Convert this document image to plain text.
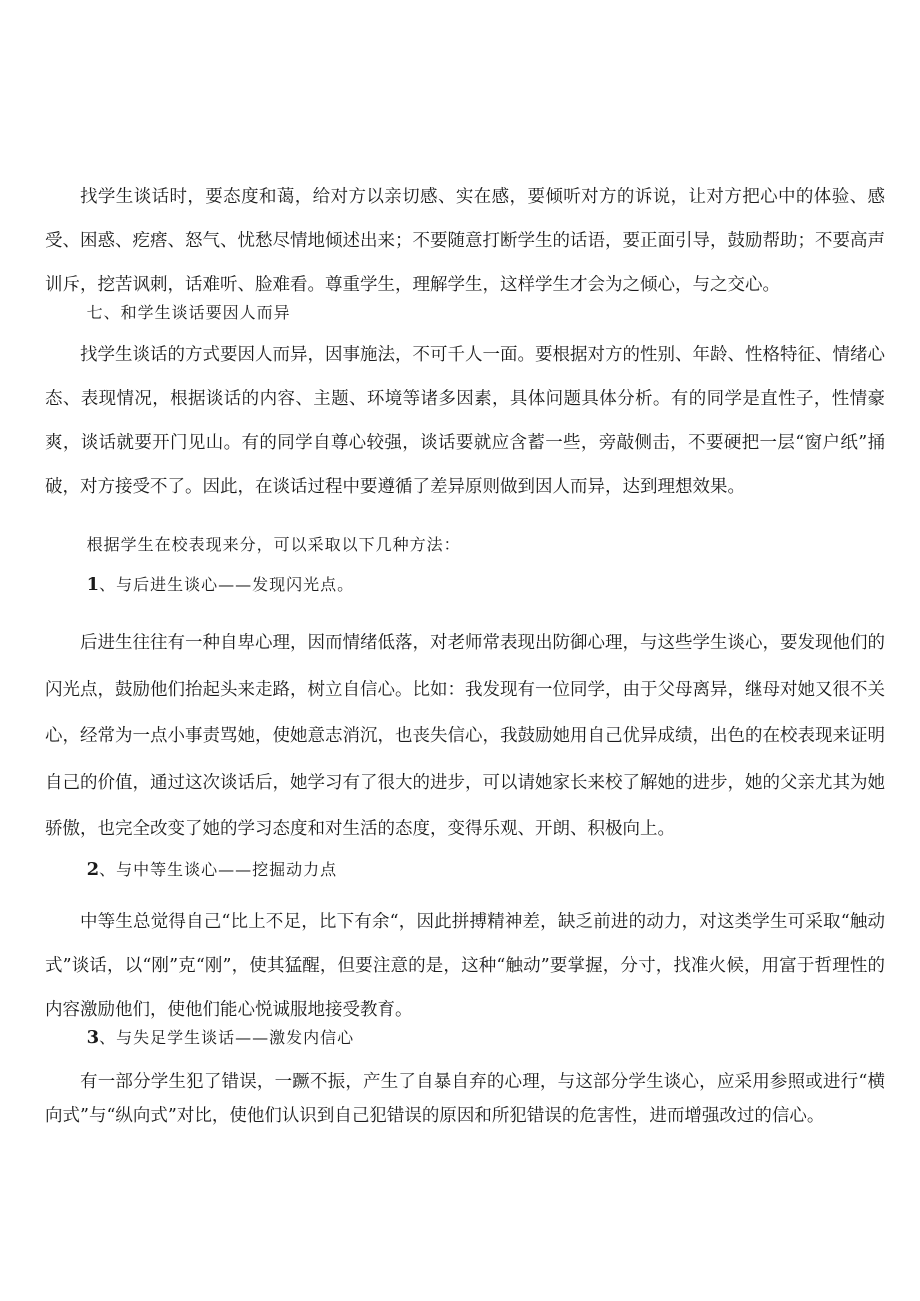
找学生谈话时，要态度和蔼，给对方以亲切感、实在感，要倾听对方的诉说，让对方把心中的体验、感受、困惑、疙瘩、怒气、忧愁尽情地倾述出来；不要随意打断学生的话语，要正面引导，鼓励帮助；不要高声训斥，挖苦讽刺，话难听、脸难看。尊重学生，理解学生，这样学生才会为之倾心，与之交心。

七、和学生谈话要因人而异

找学生谈话的方式要因人而异，因事施法，不可千人一面。要根据对方的性别、年龄、性格特征、情绪心态、表现情况，根据谈话的内容、主题、环境等诸多因素，具体问题具体分析。有的同学是直性子，性情豪爽，谈话就要开门见山。有的同学自尊心较强，谈话要就应含蓄一些，旁敲侧击，不要硬把一层“窗户纸”捅破，对方接受不了。因此，在谈话过程中要遵循了差异原则做到因人而异，达到理想效果。

根据学生在校表现来分，可以采取以下几种方法：

1、与后进生谈心——发现闪光点。

后进生往往有一种自卑心理，因而情绪低落，对老师常表现出防御心理，与这些学生谈心，要发现他们的闪光点，鼓励他们抬起头来走路，树立自信心。比如：我发现有一位同学，由于父母离异，继母对她又很不关心，经常为一点小事责骂她，使她意志消沉，也丧失信心，我鼓励她用自己优异成绩，出色的在校表现来证明自己的价值，通过这次谈话后，她学习有了很大的进步，可以请她家长来校了解她的进步，她的父亲尤其为她骄傲，也完全改变了她的学习态度和对生活的态度，变得乐观、开朗、积极向上。

2、与中等生谈心——挖掘动力点

中等生总觉得自己“比上不足，比下有余“，因此拼搏精神差，缺乏前进的动力，对这类学生可采取“触动式”谈话，以“刚”克“刚”，使其猛醒，但要注意的是，这种“触动”要掌握，分寸，找准火候，用富于哲理性的内容激励他们，使他们能心悦诚服地接受教育。

3、与失足学生谈话——激发内信心

有一部分学生犯了错误，一蹶不振，产生了自暴自弃的心理，与这部分学生谈心，应采用参照或进行“横向式”与“纵向式”对比，使他们认识到自己犯错误的原因和所犯错误的危害性，进而增强改过的信心。
